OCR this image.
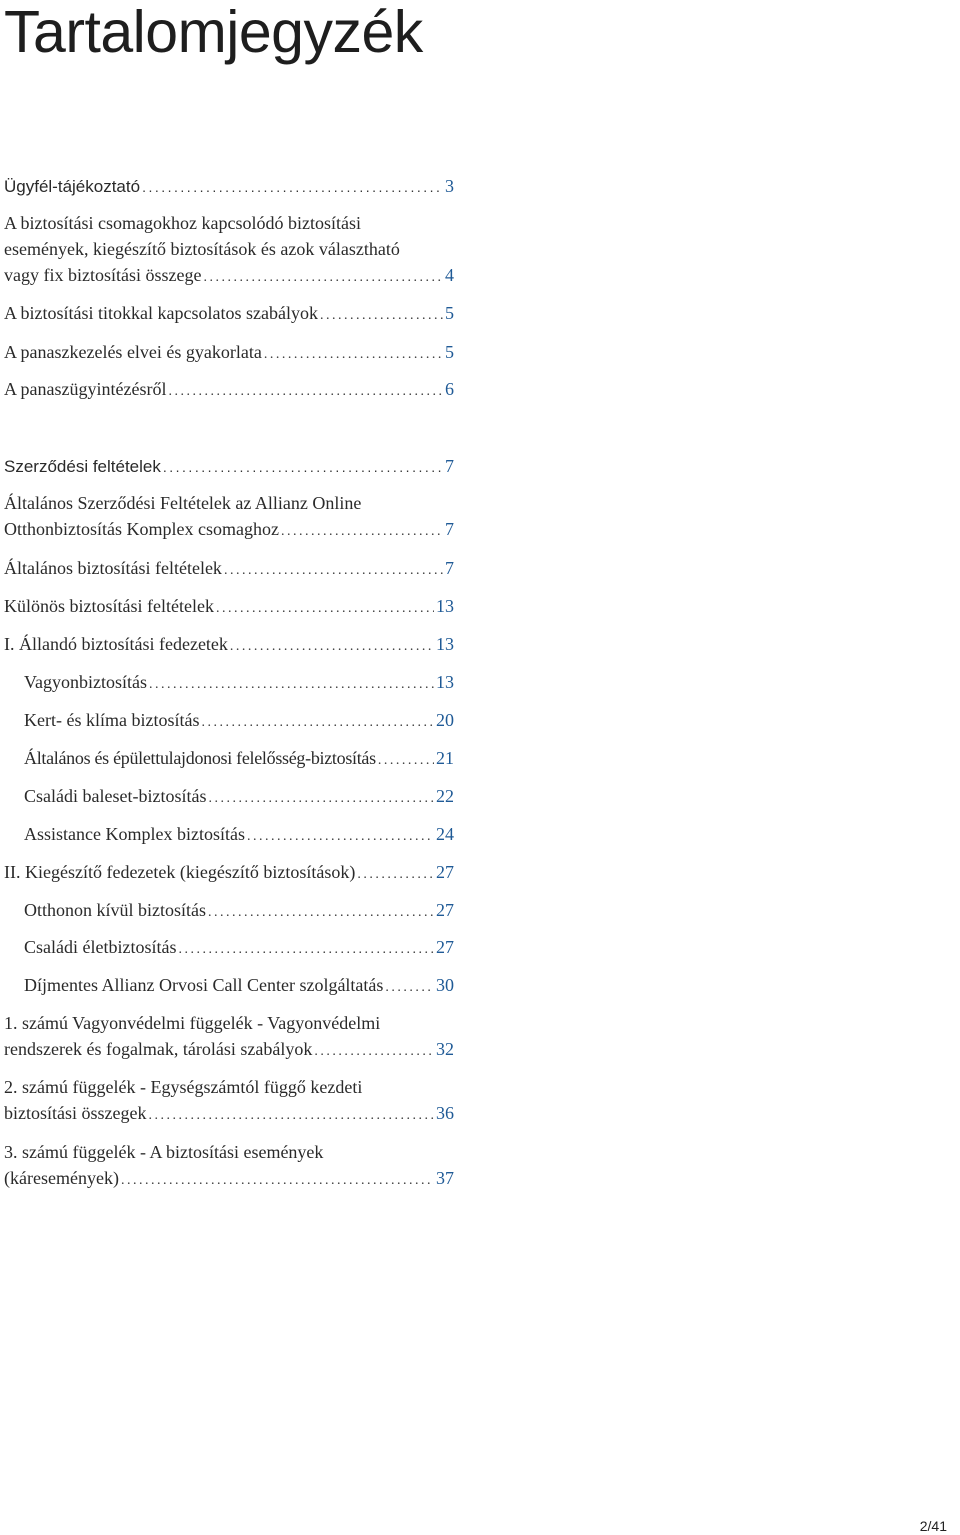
Tartalomjegyzék
Ügyfél-tájékoztató .....	3
A biztosítási csomagokhoz kapcsolódó biztosítási
események, kiegészítő biztosítások és azok választható
vagy fix biztosítási összege .....	4
A biztosítási titokkal kapcsolatos szabályok .....	5
A panaszkezelés elvei és gyakorlata .....	5
A panaszügyintézésről .....	6
Szerződési feltételek .....	7
Általános Szerződési Feltételek az Allianz Online
Otthonbiztosítás Komplex csomaghoz .....	7
Általános biztosítási feltételek .....	7
Különös biztosítási feltételek .....	13
I. Állandó biztosítási fedezetek .....	13
Vagyonbiztosítás .....	13
Kert- és klíma biztosítás .....	20
Általános és épülettulajdonosi felelősség-biztosítás .....	21
Családi baleset-biztosítás .....	22
Assistance Komplex biztosítás .....	24
II. Kiegészítő fedezetek (kiegészítő biztosítások) .....	27
Otthonon kívül biztosítás .....	27
Családi életbiztosítás .....	27
Díjmentes Allianz Orvosi Call Center szolgáltatás .....	30
1. számú Vagyonvédelmi függelék - Vagyonvédelmi
rendszerek és fogalmak, tárolási szabályok .....	32
2. számú függelék - Egységszámtól függő kezdeti
biztosítási összegek .....	36
3. számú függelék - A biztosítási események
(káresemények) .....	37
2/41
